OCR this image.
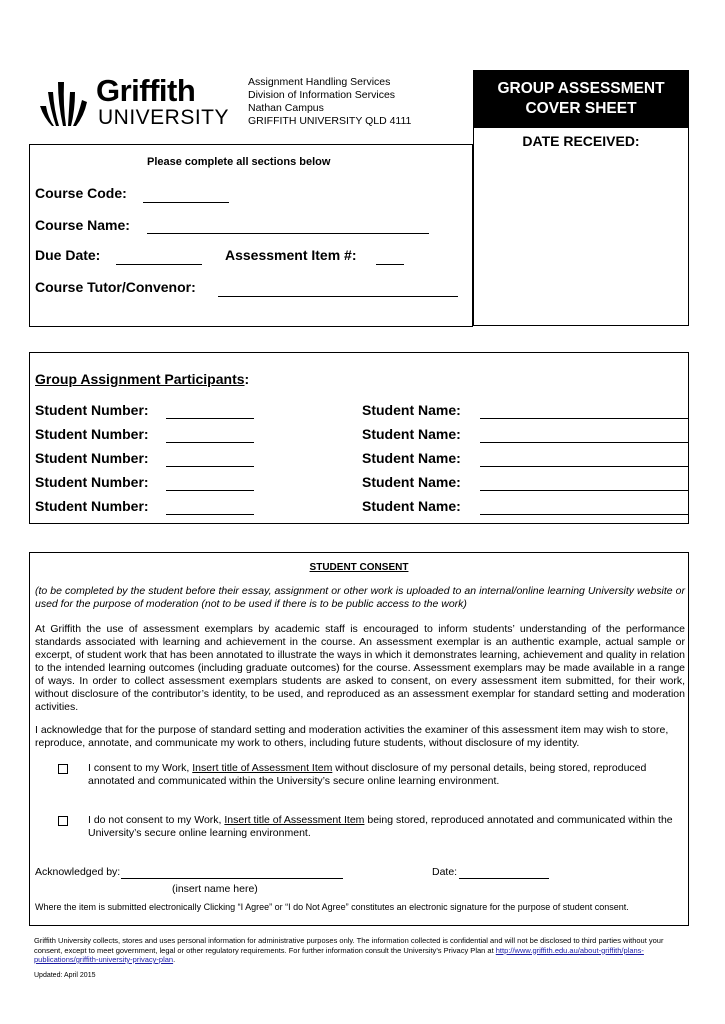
Griffith
UNIVERSITY
Assignment Handling Services
Division of Information Services
Nathan Campus
GRIFFITH UNIVERSITY QLD 4111
GROUP ASSESSMENT
COVER SHEET
DATE RECEIVED:
Please complete all sections below
Course Code:
Course Name:
Due Date:	Assessment Item #:
Course Tutor/Convenor:
Group Assignment Participants:
Student Number:	Student Name:
Student Number:	Student Name:
Student Number:	Student Name:
Student Number:	Student Name:
Student Number:	Student Name:
STUDENT CONSENT
(to be completed by the student before their essay, assignment or other work is uploaded to an internal/online learning University website or used for the purpose of moderation (not to be used if there is to be public access to the work)
At Griffith the use of assessment exemplars by academic staff is encouraged to inform students’ understanding of the performance standards associated with learning and achievement in the course. An assessment exemplar is an authentic example, actual sample or excerpt, of student work that has been annotated to illustrate the ways in which it demonstrates learning, achievement and quality in relation to the intended learning outcomes (including graduate outcomes) for the course. Assessment exemplars may be made available in a range of ways. In order to collect assessment exemplars students are asked to consent, on every assessment item submitted, for their work, without disclosure of the contributor’s identity, to be used, and reproduced as an assessment exemplar for standard setting and moderation activities.
I acknowledge that for the purpose of standard setting and moderation activities the examiner of this assessment item may wish to store, reproduce, annotate, and communicate my work to others, including future students, without disclosure of my identity.
I consent to my Work, Insert title of Assessment Item without disclosure of my personal details, being stored, reproduced annotated and communicated within the University’s secure online learning environment.
I do not consent to my Work, Insert title of Assessment Item being stored, reproduced annotated and communicated within the University’s secure online learning environment.
Acknowledged by:
(insert name here)
Date:
Where the item is submitted electronically Clicking “I Agree” or “I do Not Agree” constitutes an electronic signature for the purpose of student consent.
Griffith University collects, stores and uses personal information for administrative purposes only. The information collected is confidential and will not be disclosed to third parties without your consent, except to meet government, legal or other regulatory requirements. For further information consult the University’s Privacy Plan at http://www.griffith.edu.au/about-griffith/plans-publications/griffith-university-privacy-plan.
Updated: April 2015
